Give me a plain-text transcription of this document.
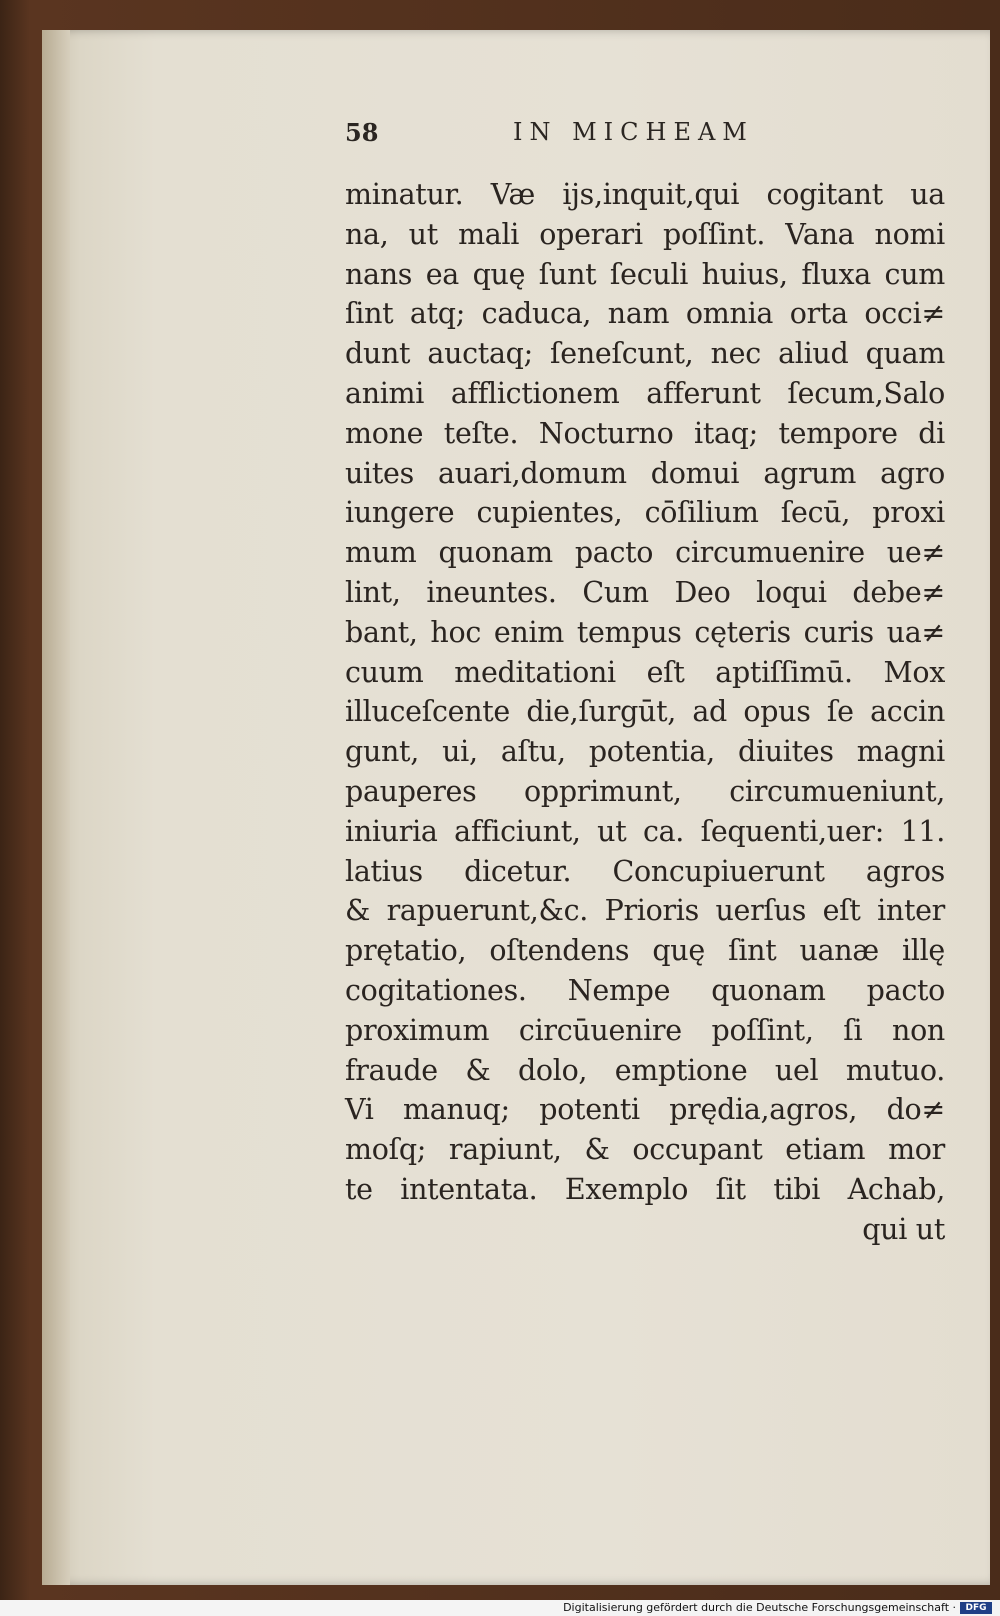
58	IN MICHEAM
minatur. Væ ijs,inquit,qui cogitant ua
na, ut mali operari poſſint. Vana nomi
nans ea quę ſunt ſeculi huius, fluxa cum
ſint atq; caduca, nam omnia orta occi≠
dunt auctaq; ſeneſcunt, nec aliud quam
animi afflictionem afferunt ſecum,Salo
mone teſte. Nocturno itaq; tempore di
uites auari,domum domui agrum agro
iungere cupientes, cōſilium ſecū, proxi
mum quonam pacto circumuenire ue≠
lint, ineuntes. Cum Deo loqui debe≠
bant, hoc enim tempus cęteris curis ua≠
cuum meditationi eſt aptiſſimū. Mox
illuceſcente die,ſurgūt, ad opus ſe accin
gunt, ui, aſtu, potentia, diuites magni
pauperes opprimunt, circumueniunt,
iniuria afficiunt, ut ca. ſequenti,uer: 11.
latius dicetur. Concupiuerunt agros
& rapuerunt,&c. Prioris uerſus eſt inter
prętatio, oſtendens quę ſint uanæ illę
cogitationes. Nempe quonam pacto
proximum circūuenire poſſint, ſi non
fraude & dolo, emptione uel mutuo.
Vi manuq; potenti prędia,agros, do≠
moſq; rapiunt, & occupant etiam mor
te intentata. Exemplo ſit tibi Achab,
qui ut
Digitalisierung gefördert durch die Deutsche Forschungsgemeinschaft ·	DFG
